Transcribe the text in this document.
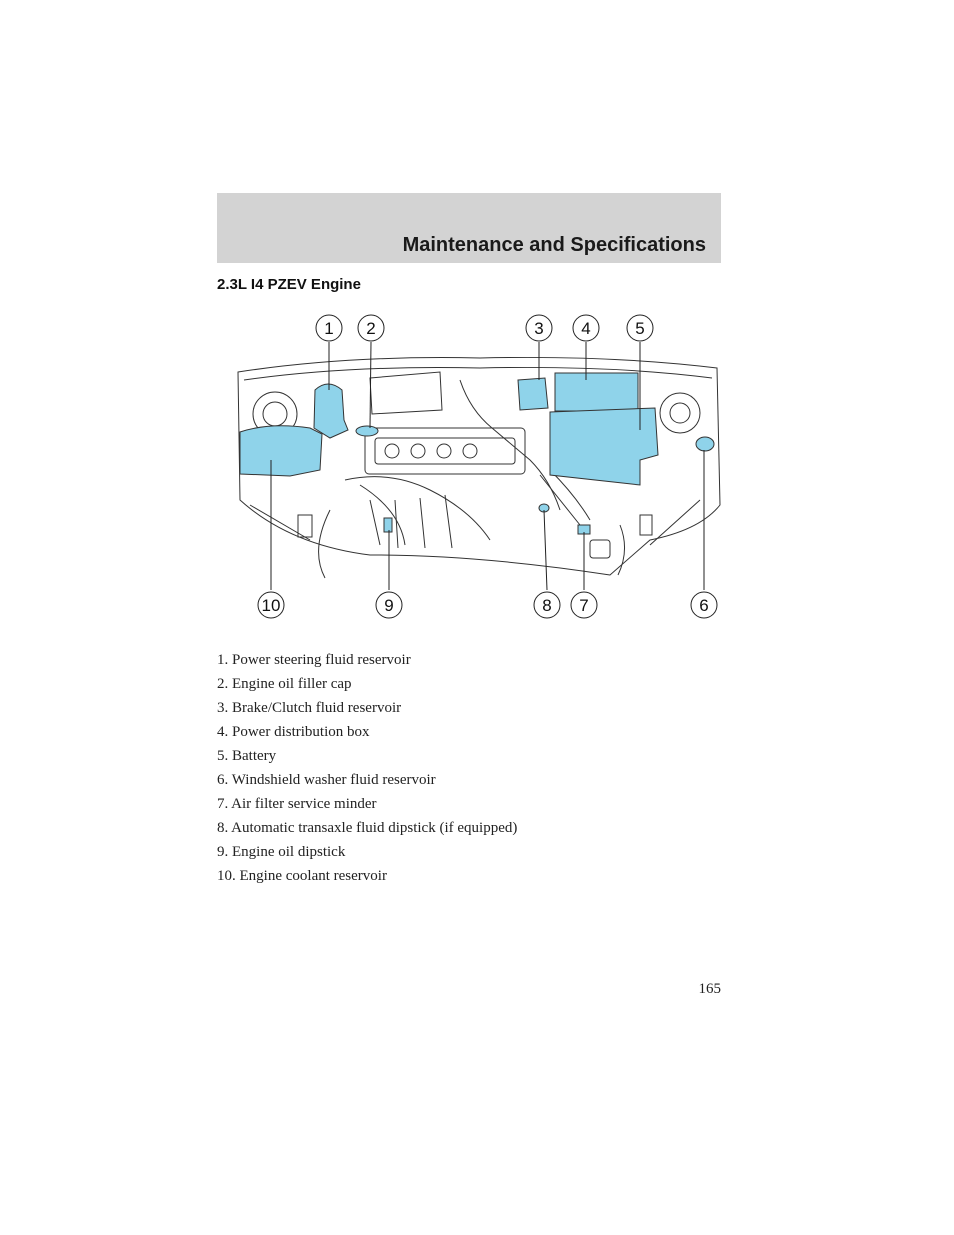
Maintenance and Specifications
2.3L I4 PZEV Engine
1 2	3 4	5
10	9	8 7	6
1. Power steering fluid reservoir
2. Engine oil filler cap
3. Brake/Clutch fluid reservoir
4. Power distribution box
5. Battery
6. Windshield washer fluid reservoir
7. Air filter service minder
8. Automatic transaxle fluid dipstick (if equipped)
9. Engine oil dipstick
10. Engine coolant reservoir
165
